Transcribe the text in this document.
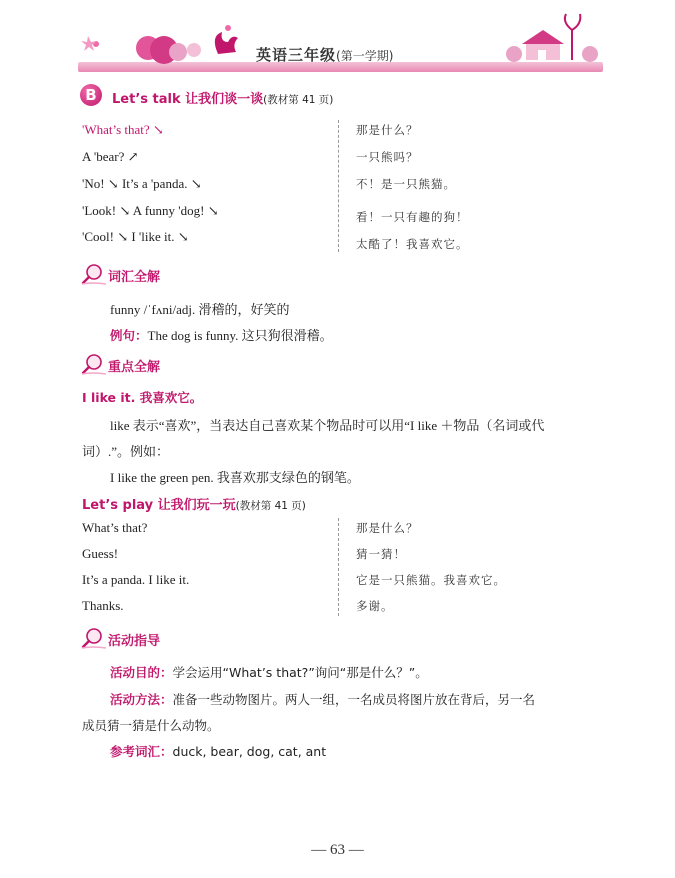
英语三年级(第一学期)
B	Let’s talk 让我们谈一谈(教材第 41 页)
'What’s that? ↘
A 'bear? ↗
'No! ↘ It’s a 'panda. ↘
'Look! ↘ A funny 'dog! ↘
'Cool! ↘ I 'like it. ↘
那是什么？
一只熊吗？
不！是一只熊猫。
看！一只有趣的狗！
太酷了！我喜欢它。
词汇全解
funny /ˈfʌni/adj. 滑稽的，好笑的
例句：The dog is funny. 这只狗很滑稽。
重点全解
I like it. 我喜欢它。
like 表示“喜欢”，当表达自己喜欢某个物品时可以用“I like ＋物品（名词或代
词）.”。例如：
I like the green pen. 我喜欢那支绿色的钢笔。
Let’s play 让我们玩一玩(教材第 41 页)
What’s that?
Guess!
It’s a panda. I like it.
Thanks.
那是什么？
猜一猜！
它是一只熊猫。我喜欢它。
多谢。
活动指导
活动目的：学会运用“What’s that?”询问“那是什么？”。
活动方法：准备一些动物图片。两人一组，一名成员将图片放在背后，另一名
成员猜一猜是什么动物。
参考词汇：duck, bear, dog, cat, ant
— 63 —
